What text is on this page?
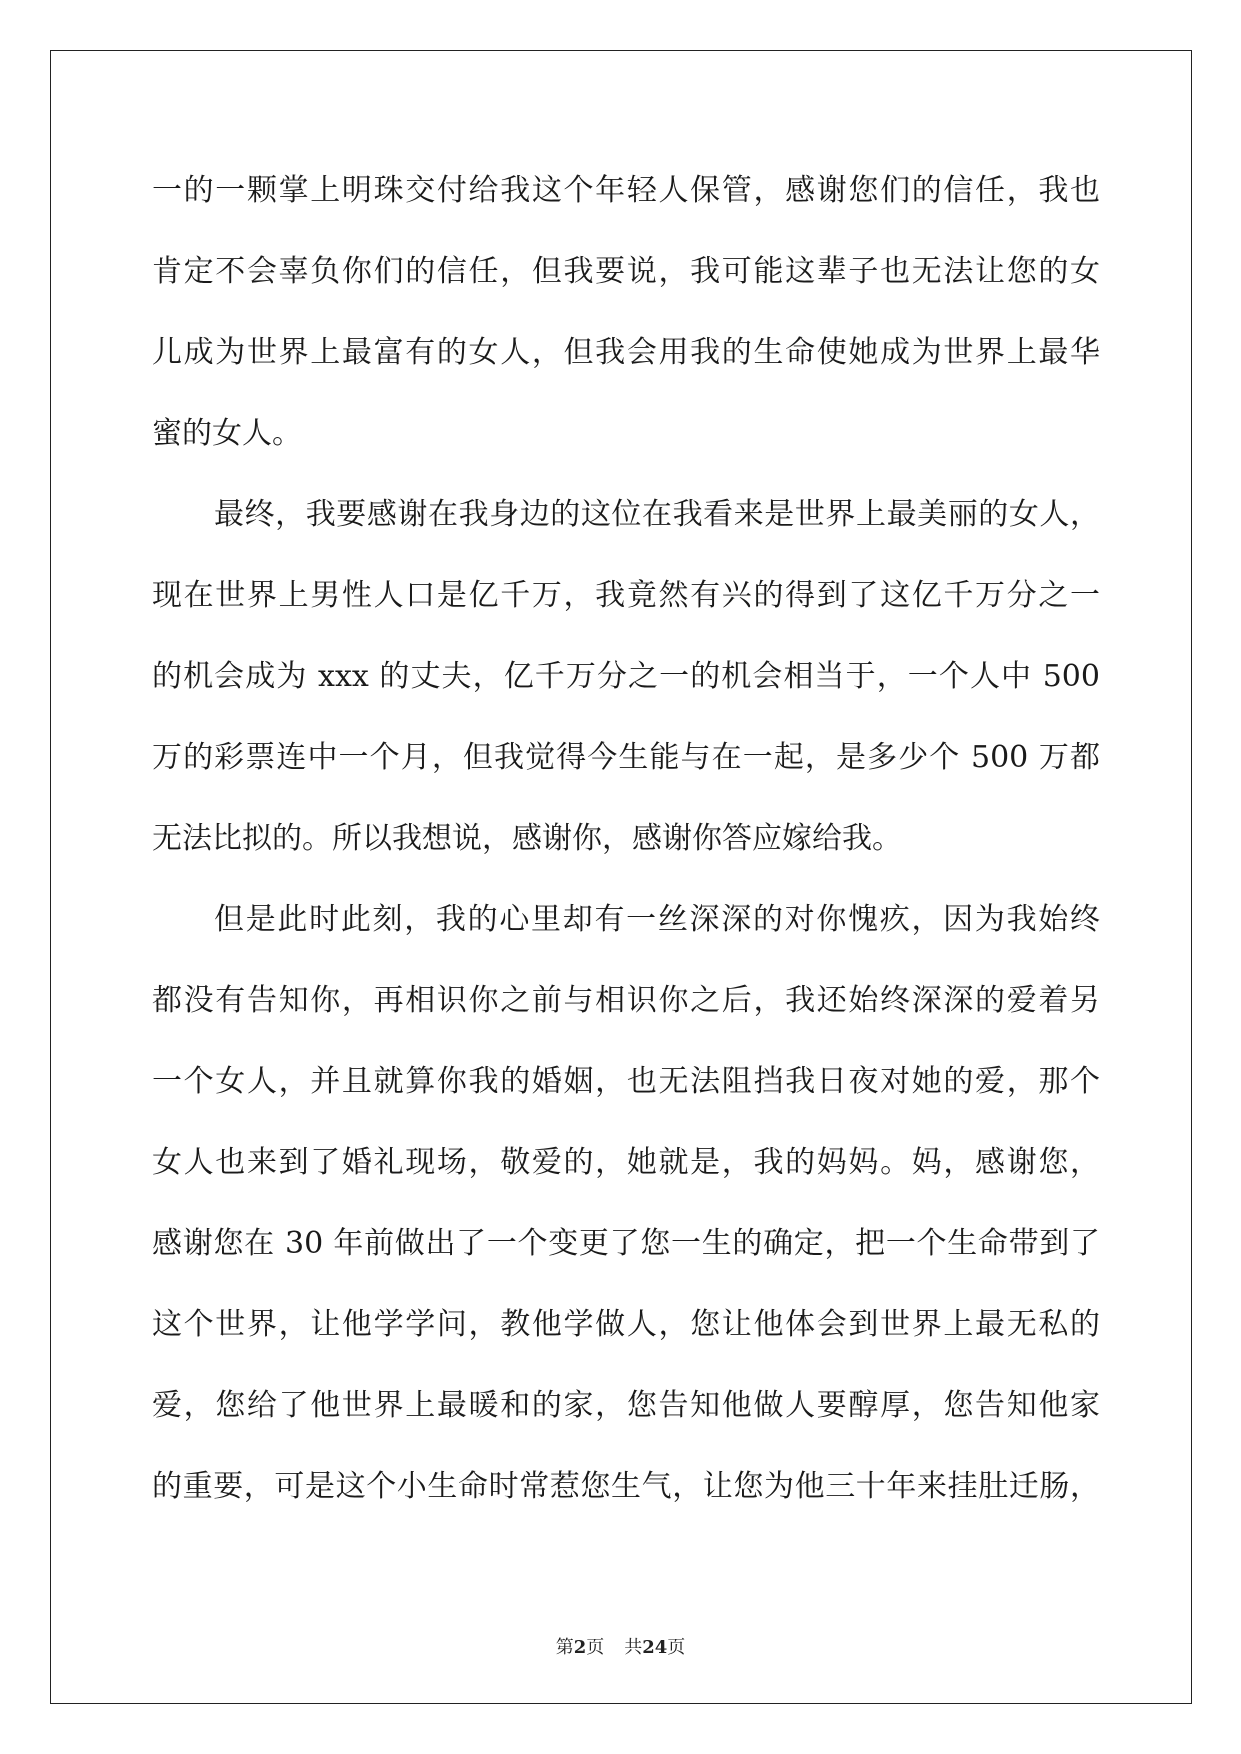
一的一颗掌上明珠交付给我这个年轻人保管，感谢您们的信任，我也
肯定不会辜负你们的信任，但我要说，我可能这辈子也无法让您的女
儿成为世界上最富有的女人，但我会用我的生命使她成为世界上最华
蜜的女人。
最终，我要感谢在我身边的这位在我看来是世界上最美丽的女人，
现在世界上男性人口是亿千万，我竟然有兴的得到了这亿千万分之一
的机会成为 xxx 的丈夫，亿千万分之一的机会相当于，一个人中 500
万的彩票连中一个月，但我觉得今生能与在一起，是多少个 500 万都
无法比拟的。所以我想说，感谢你，感谢你答应嫁给我。
但是此时此刻，我的心里却有一丝深深的对你愧疚，因为我始终
都没有告知你，再相识你之前与相识你之后，我还始终深深的爱着另
一个女人，并且就算你我的婚姻，也无法阻挡我日夜对她的爱，那个
女人也来到了婚礼现场，敬爱的，她就是，我的妈妈。妈，感谢您，
感谢您在 30 年前做出了一个变更了您一生的确定，把一个生命带到了
这个世界，让他学学问，教他学做人，您让他体会到世界上最无私的
爱，您给了他世界上最暖和的家，您告知他做人要醇厚，您告知他家
的重要，可是这个小生命时常惹您生气，让您为他三十年来挂肚迁肠，
第2页 共24页
